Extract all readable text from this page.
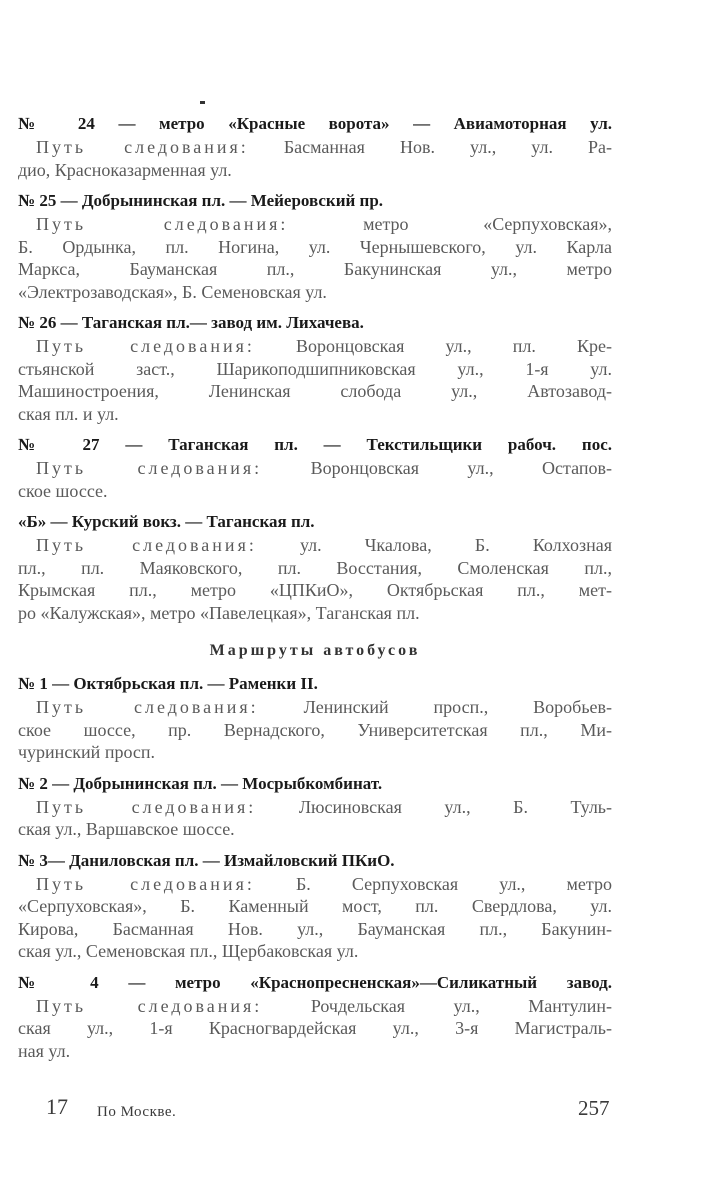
№ 24 — метро «Красные ворота» — Авиамоторная ул.
Путь следования: Басманная Нов. ул., ул. Ра-
дио, Красноказарменная ул.
№ 25 — Добрынинская пл. — Мейеровский пр.
Путь следования:	метро «Серпуховская»,
Б. Ордынка, пл. Ногина, ул. Чернышевского, ул. Карла
Маркса, Бауманская пл., Бакунинская ул., метро
«Электрозаводская», Б. Семеновская ул.
№ 26 — Таганская пл.— завод им. Лихачева.
Путь следования: Воронцовская ул., пл. Кре-
стьянской заст., Шарикоподшипниковская ул., 1-я ул.
Машиностроения, Ленинская слобода ул., Автозавод-
ская пл. и ул.
№ 27 — Таганская пл. — Текстильщики рабоч. пос.
Путь следования:	Воронцовская ул., Остапов-
ское шоссе.
«Б» — Курский вокз. — Таганская пл.
Путь следования: ул. Чкалова, Б. Колхозная
пл., пл. Маяковского, пл. Восстания, Смоленская пл.,
Крымская пл., метро «ЦПКиО», Октябрьская пл., мет-
ро «Калужская», метро «Павелецкая», Таганская пл.
Маршруты автобусов
№ 1 — Октябрьская пл. — Раменки II.
Путь следования: Ленинский просп., Воробьев-
ское шоссе, пр. Вернадского, Университетская пл., Ми-
чуринский просп.
№ 2 — Добрынинская пл. — Мосрыбкомбинат.
Путь следования: Люсиновская ул., Б. Туль-
ская ул., Варшавское шоссе.
№ 3— Даниловская пл. — Измайловский ПКиО.
Путь следования: Б. Серпуховская ул., метро
«Серпуховская», Б. Каменный мост, пл. Свердлова, ул.
Кирова, Басманная Нов. ул., Бауманская пл., Бакунин-
ская ул., Семеновская пл., Щербаковская ул.
№ 4 — метро «Краснопресненская»—Силикатный завод.
Путь следования:	Рочдельская ул., Мантулин-
ская ул., 1-я Красногвардейская ул., 3-я Магистраль-
ная ул.
17 По Москве.	257
